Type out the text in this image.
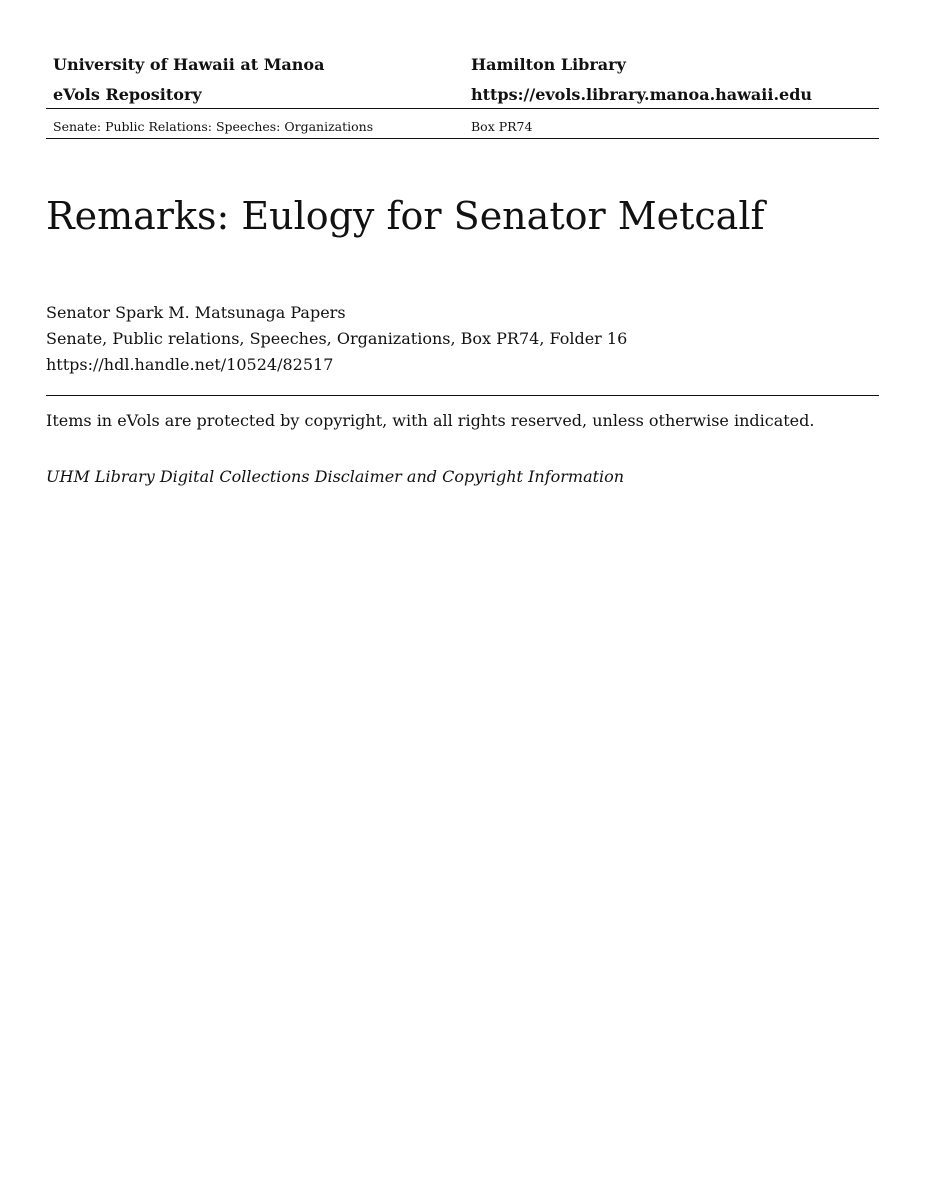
University of Hawaii at Manoa	Hamilton Library
eVols Repository	https://evols.library.manoa.hawaii.edu
Senate: Public Relations: Speeches: Organizations	Box PR74
Remarks: Eulogy for Senator Metcalf
Senator Spark M. Matsunaga Papers
Senate, Public relations, Speeches, Organizations, Box PR74, Folder 16
https://hdl.handle.net/10524/82517
Items in eVols are protected by copyright, with all rights reserved, unless otherwise indicated.
UHM Library Digital Collections Disclaimer and Copyright Information
